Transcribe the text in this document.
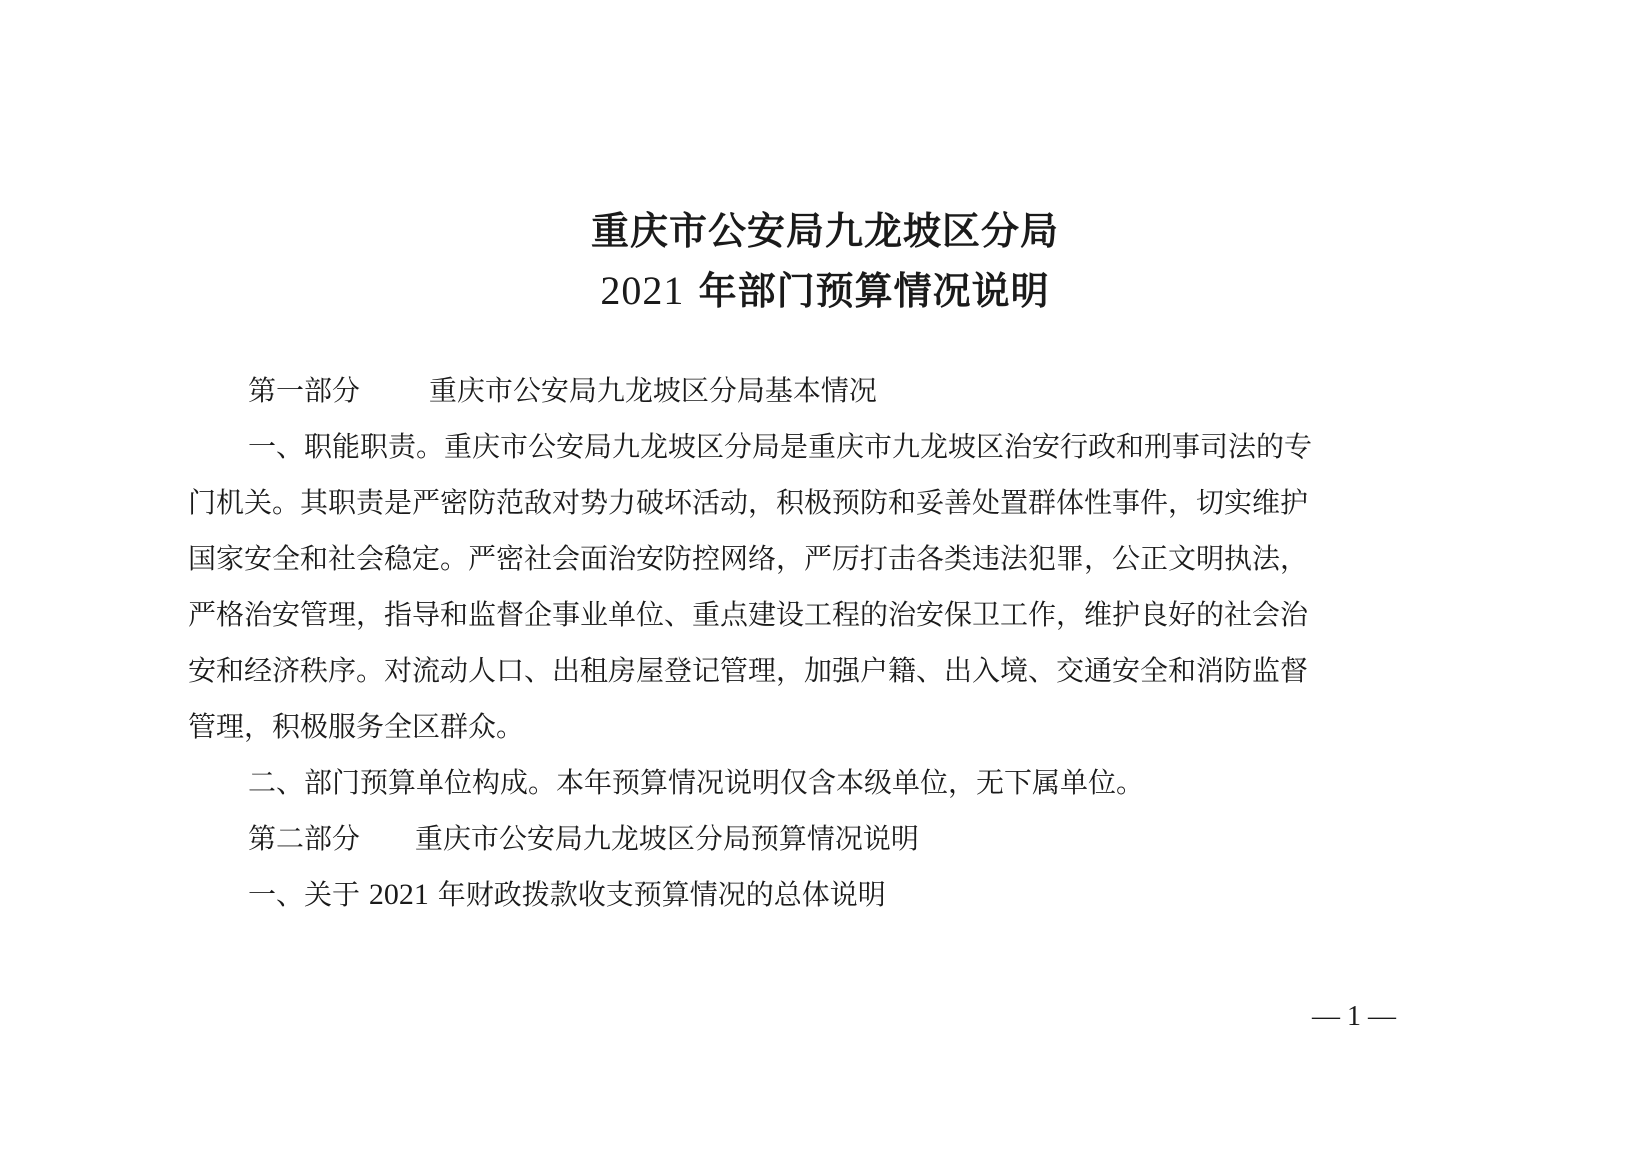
重庆市公安局九龙坡区分局
2021 年部门预算情况说明
第一部分 重庆市公安局九龙坡区分局基本情况
一、职能职责。重庆市公安局九龙坡区分局是重庆市九龙坡区治安行政和刑事司法的专
门机关。其职责是严密防范敌对势力破坏活动，积极预防和妥善处置群体性事件，切实维护
国家安全和社会稳定。严密社会面治安防控网络，严厉打击各类违法犯罪，公正文明执法，
严格治安管理，指导和监督企事业单位、重点建设工程的治安保卫工作，维护良好的社会治
安和经济秩序。对流动人口、出租房屋登记管理，加强户籍、出入境、交通安全和消防监督
管理，积极服务全区群众。
二、部门预算单位构成。本年预算情况说明仅含本级单位，无下属单位。
第二部分 重庆市公安局九龙坡区分局预算情况说明
一、关于 2021 年财政拨款收支预算情况的总体说明
— 1 —
